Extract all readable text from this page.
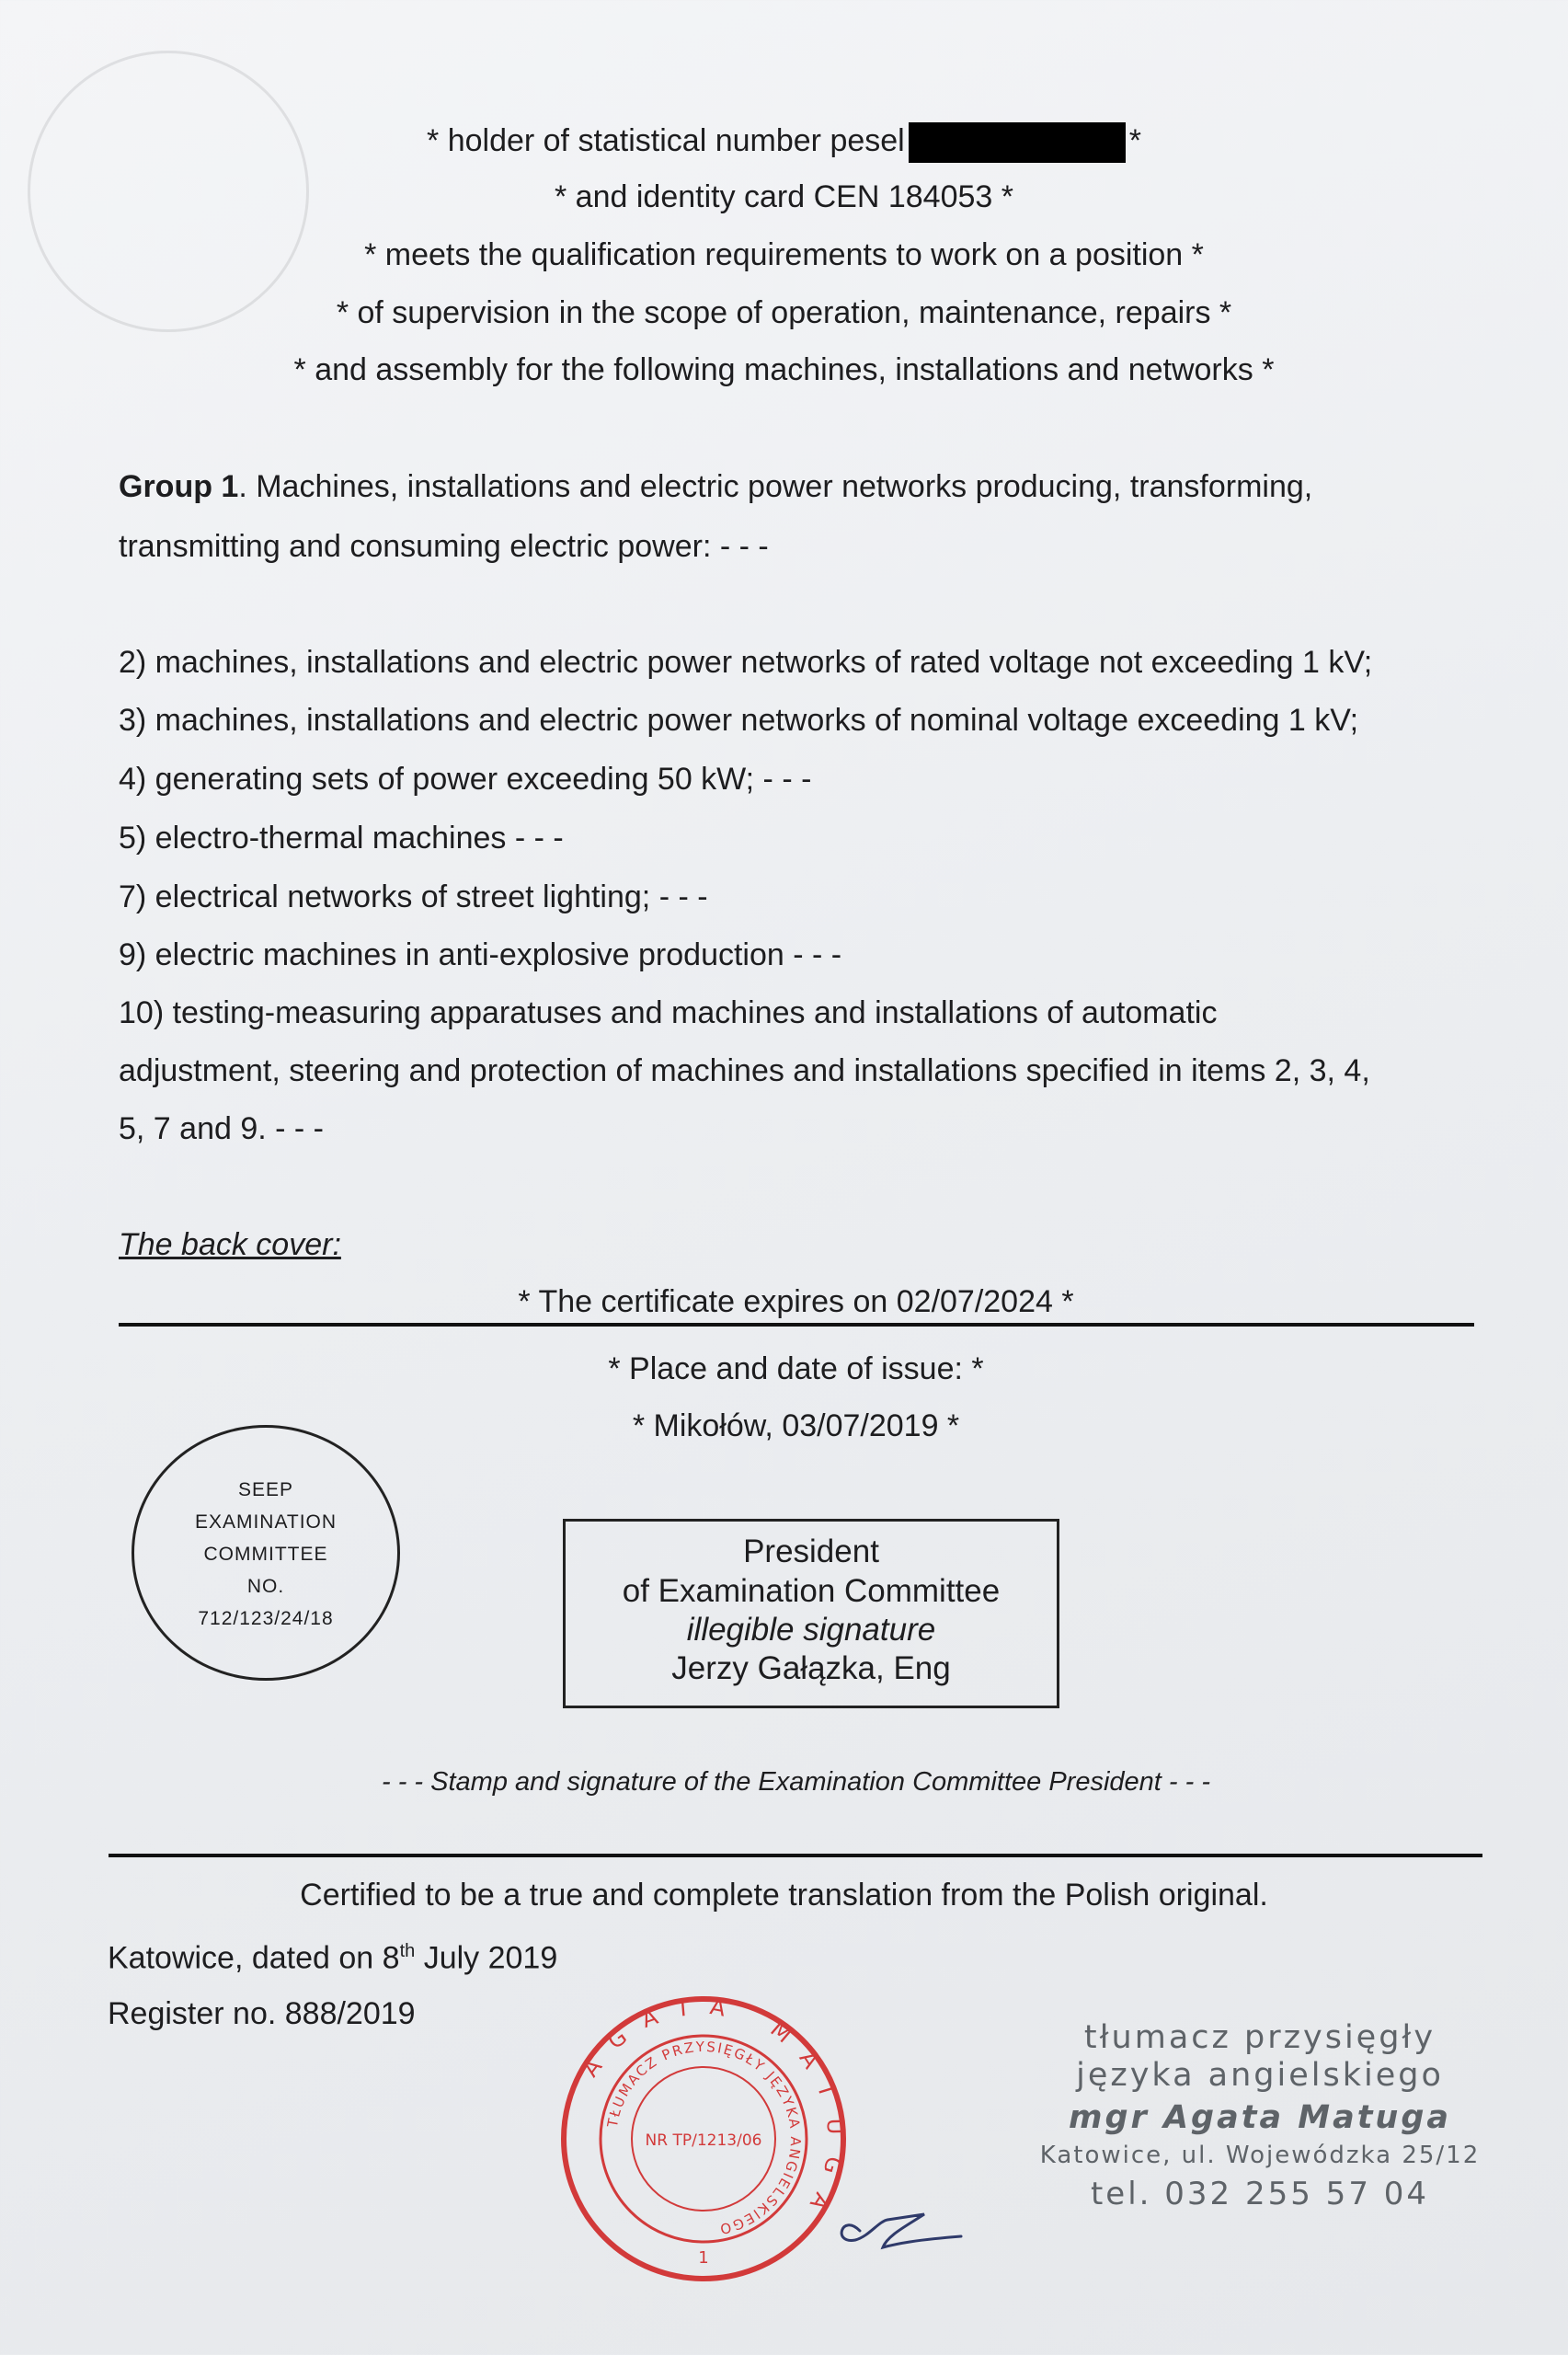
* holder of statistical number pesel	*
* and identity card CEN 184053 *
* meets the qualification requirements to work on a position *
* of supervision in the scope of operation, maintenance, repairs *
* and assembly for the following machines, installations and networks *
Group 1. Machines, installations and electric power networks producing, transforming,
transmitting and consuming electric power: - - -
2) machines, installations and electric power networks of rated voltage not exceeding 1 kV;
3) machines, installations and electric power networks of nominal voltage exceeding 1 kV;
4) generating sets of power exceeding 50 kW; - - -
5) electro-thermal machines - - -
7) electrical networks of street lighting; - - -
9) electric machines in anti-explosive production - - -
10) testing-measuring apparatuses and machines and installations of automatic
adjustment, steering and protection of machines and installations specified in items 2, 3, 4,
5, 7 and 9. - - -
The back cover:
* The certificate expires on 02/07/2024 *
* Place and date of issue: *
* Mikołów, 03/07/2019 *
SEEP
EXAMINATION
COMMITTEE
NO.
712/123/24/18
President
of Examination Committee
illegible signature
Jerzy Gałązka, Eng
- - - Stamp and signature of the Examination Committee President - - -
Certified to be a true and complete translation from the Polish original.
Katowice, dated on 8th July 2019
Register no. 888/2019
AGATA MATUGA
TŁUMACZ PRZYSIĘGŁY JĘZYKA ANGIELSKIEGO
NR TP/1213/06
1
tłumacz przysięgły
języka angielskiego
mgr Agata Matuga
Katowice, ul. Wojewódzka 25/12
tel. 032 255 57 04
